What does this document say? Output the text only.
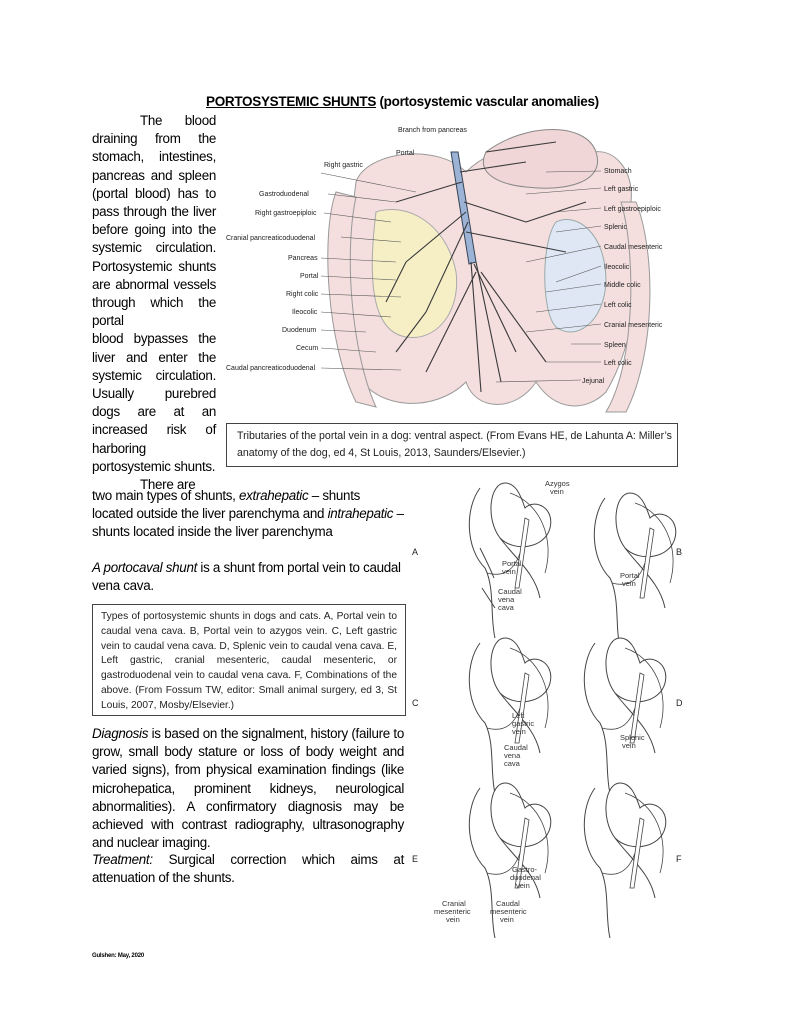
PORTOSYSTEMIC SHUNTS (portosystemic vascular anomalies)

The blood draining from the stomach, intestines, pancreas and spleen (portal blood) has to pass through the liver before going into the systemic circulation. Portosystemic shunts are abnormal vessels through which the portal

blood bypasses the liver and enter the systemic circulation. Usually purebred dogs are at an increased risk of harboring portosystemic shunts.

There are

two main types of shunts, extrahepatic – shunts located outside the liver parenchyma and intrahepatic – shunts located inside the liver parenchyma

A portocaval shunt is a shunt from portal vein to caudal vena cava.

Branch from pancreas
Portal
Right gastric
Gastroduodenal
Right gastroepiploic
Cranial pancreaticoduodenal
Pancreas
Portal
Right colic
Ileocolic
Duodenum
Cecum
Caudal pancreaticoduodenal
Stomach
Left gastric
Left gastroepiploic
Splenic
Caudal mesenteric
Ileocolic
Middle colic
Left colic
Cranial mesenteric
Spleen
Left colic
Jejunal
Tributaries of the portal vein in a dog: ventral aspect. (From Evans HE, de Lahunta A: Miller’s anatomy of the dog, ed 4, St Louis, 2013, Saunders/Elsevier.)
A
Portal
vein
Caudal
vena
cava
B
Azygos
vein
Portal
vein
C
Left
gastric
vein
Caudal
vena
cava
D
Splenic
vein
E
Gastro-
duodenal
vein
Cranial
mesenteric
vein
Caudal
mesenteric
vein
F
Types of portosystemic shunts in dogs and cats. A, Portal vein to caudal vena cava. B, Portal vein to azygos vein. C, Left gastric vein to caudal vena cava. D, Splenic vein to caudal vena cava. E, Left gastric, cranial mesenteric, caudal mesenteric, or gastroduodenal vein to caudal vena cava. F, Combinations of the above. (From Fossum TW, editor: Small animal surgery, ed 3, St Louis, 2007, Mosby/Elsevier.)

Diagnosis is based on the signalment, history (failure to grow, small body stature or loss of body weight and varied signs), from physical examination findings (like microhepatica, prominent kidneys, neurological abnormalities). A confirmatory diagnosis may be achieved with contrast radiography, ultrasonography and nuclear imaging.

Treatment: Surgical correction which aims at attenuation of the shunts.

Gulshen: May, 2020
